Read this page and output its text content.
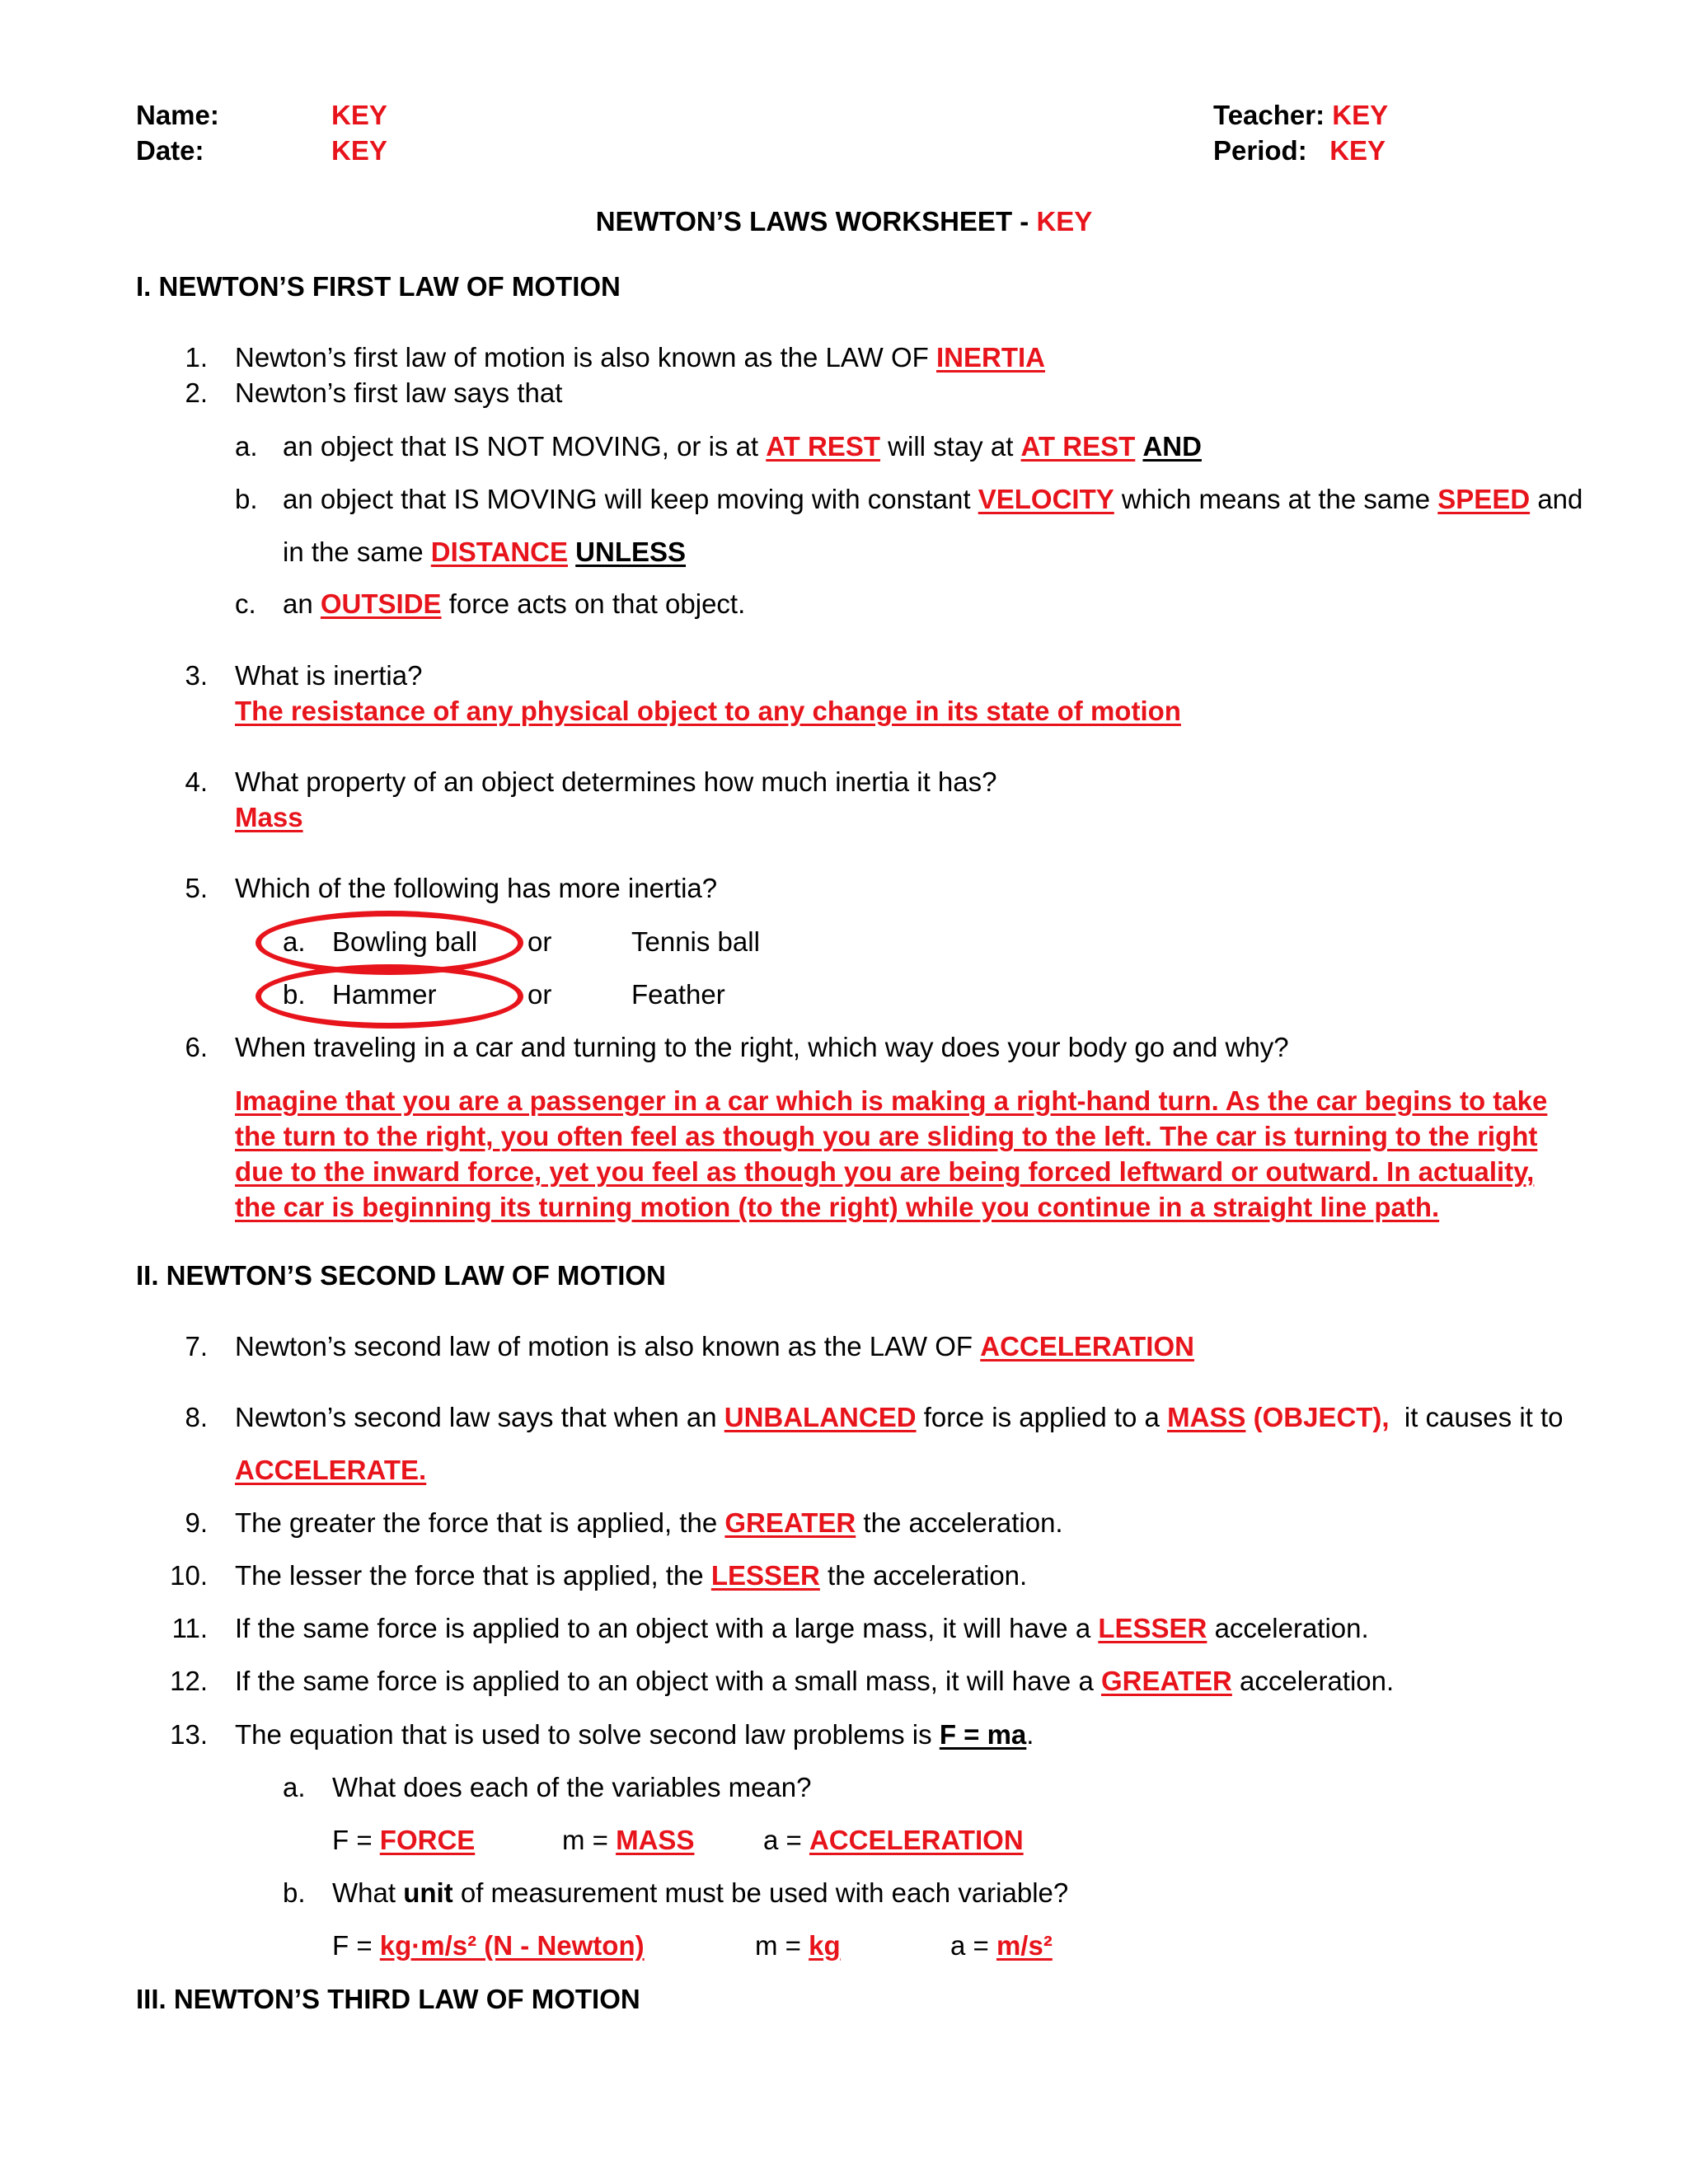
Name:	KEY
Date:	KEY
Teacher: KEY
Period: KEY
NEWTON’S LAWS WORKSHEET - KEY
I. NEWTON’S FIRST LAW OF MOTION
1. Newton’s first law of motion is also known as the LAW OF INERTIA
2. Newton’s first law says that
a. an object that IS NOT MOVING, or is at AT REST will stay at AT REST AND
b. an object that IS MOVING will keep moving with constant VELOCITY which means at the same SPEED and
in the same DISTANCE UNLESS
c. an OUTSIDE force acts on that object.
3. What is inertia?
The resistance of any physical object to any change in its state of motion
4. What property of an object determines how much inertia it has?
Mass
5. Which of the following has more inertia?
a. Bowling ball or	Tennis ball
b. Hammer	or	Feather
6. When traveling in a car and turning to the right, which way does your body go and why?
Imagine that you are a passenger in a car which is making a right-hand turn. As the car begins to take the turn to the right, you often feel as though you are sliding to the left. The car is turning to the right due to the inward force, yet you feel as though you are being forced leftward or outward. In actuality, the car is beginning its turning motion (to the right) while you continue in a straight line path.
II. NEWTON’S SECOND LAW OF MOTION
7. Newton’s second law of motion is also known as the LAW OF ACCELERATION
8. Newton’s second law says that when an UNBALANCED force is applied to a MASS (OBJECT),  it causes it to
ACCELERATE.
9. The greater the force that is applied, the GREATER the acceleration.
10. The lesser the force that is applied, the LESSER the acceleration.
11. If the same force is applied to an object with a large mass, it will have a LESSER acceleration.
12. If the same force is applied to an object with a small mass, it will have a GREATER acceleration.
13. The equation that is used to solve second law problems is F = ma.
a. What does each of the variables mean?
F = FORCE	m = MASS	a = ACCELERATION
b. What unit of measurement must be used with each variable?
F = kg·m/s² (N - Newton)	m = kg	a = m/s²
III. NEWTON’S THIRD LAW OF MOTION
